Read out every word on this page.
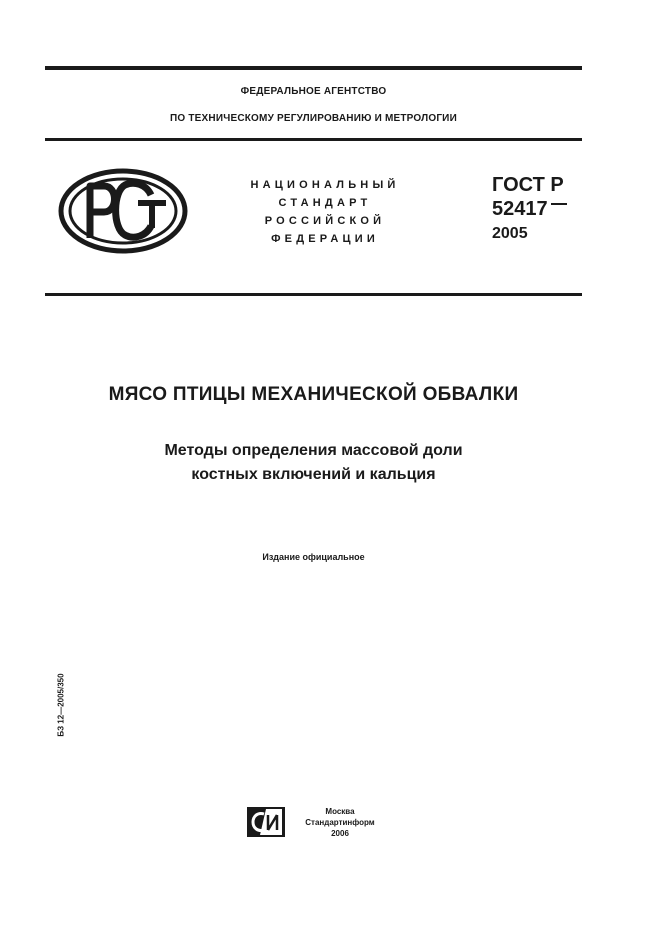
ФЕДЕРАЛЬНОЕ АГЕНТСТВО
ПО ТЕХНИЧЕСКОМУ РЕГУЛИРОВАНИЮ И МЕТРОЛОГИИ
НАЦИОНАЛЬНЫЙ
СТАНДАРТ
РОССИЙСКОЙ
ФЕДЕРАЦИИ
ГОСТ Р
52417
2005
МЯСО ПТИЦЫ МЕХАНИЧЕСКОЙ ОБВАЛКИ
Методы определения массовой доли
костных включений и кальция
Издание официальное
БЗ 12—2005/350
Москва
Стандартинформ
2006
